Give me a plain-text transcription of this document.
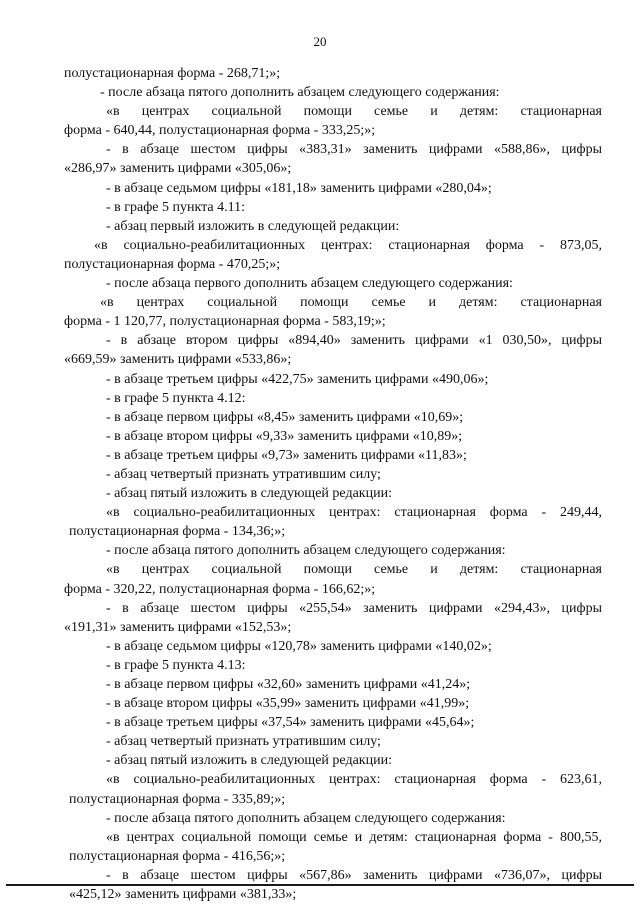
20
полустационарная форма - 268,71;»;
- после абзаца пятого дополнить абзацем следующего содержания:
«в центрах социальной помощи семье и детям: стационарная
форма - 640,44, полустационарная форма - 333,25;»;
- в абзаце шестом цифры «383,31» заменить цифрами «588,86», цифры
«286,97» заменить цифрами «305,06»;
- в абзаце седьмом цифры «181,18» заменить цифрами «280,04»;
- в графе 5 пункта 4.11:
- абзац первый изложить в следующей редакции:
«в социально-реабилитационных центрах: стационарная форма - 873,05,
полустационарная форма - 470,25;»;
- после абзаца первого дополнить абзацем следующего содержания:
«в центрах социальной помощи семье и детям: стационарная
форма - 1 120,77, полустационарная форма - 583,19;»;
- в абзаце втором цифры «894,40» заменить цифрами «1 030,50», цифры
«669,59» заменить цифрами «533,86»;
- в абзаце третьем цифры «422,75» заменить цифрами «490,06»;
- в графе 5 пункта 4.12:
- в абзаце первом цифры «8,45» заменить цифрами «10,69»;
- в абзаце втором цифры «9,33» заменить цифрами «10,89»;
- в абзаце третьем цифры «9,73» заменить цифрами «11,83»;
- абзац четвертый признать утратившим силу;
- абзац пятый изложить в следующей редакции:
«в социально-реабилитационных центрах: стационарная форма - 249,44,
полустационарная форма - 134,36;»;
- после абзаца пятого дополнить абзацем следующего содержания:
«в центрах социальной помощи семье и детям: стационарная
форма - 320,22, полустационарная форма - 166,62;»;
- в абзаце шестом цифры «255,54» заменить цифрами «294,43», цифры
«191,31» заменить цифрами «152,53»;
- в абзаце седьмом цифры «120,78» заменить цифрами «140,02»;
- в графе 5 пункта 4.13:
- в абзаце первом цифры «32,60» заменить цифрами «41,24»;
- в абзаце втором цифры «35,99» заменить цифрами «41,99»;
- в абзаце третьем цифры «37,54» заменить цифрами «45,64»;
- абзац четвертый признать утратившим силу;
- абзац пятый изложить в следующей редакции:
«в социально-реабилитационных центрах: стационарная форма - 623,61,
полустационарная форма - 335,89;»;
- после абзаца пятого дополнить абзацем следующего содержания:
«в центрах социальной помощи семье и детям: стационарная форма - 800,55,
полустационарная форма - 416,56;»;
- в абзаце шестом цифры «567,86» заменить цифрами «736,07», цифры
«425,12» заменить цифрами «381,33»;
